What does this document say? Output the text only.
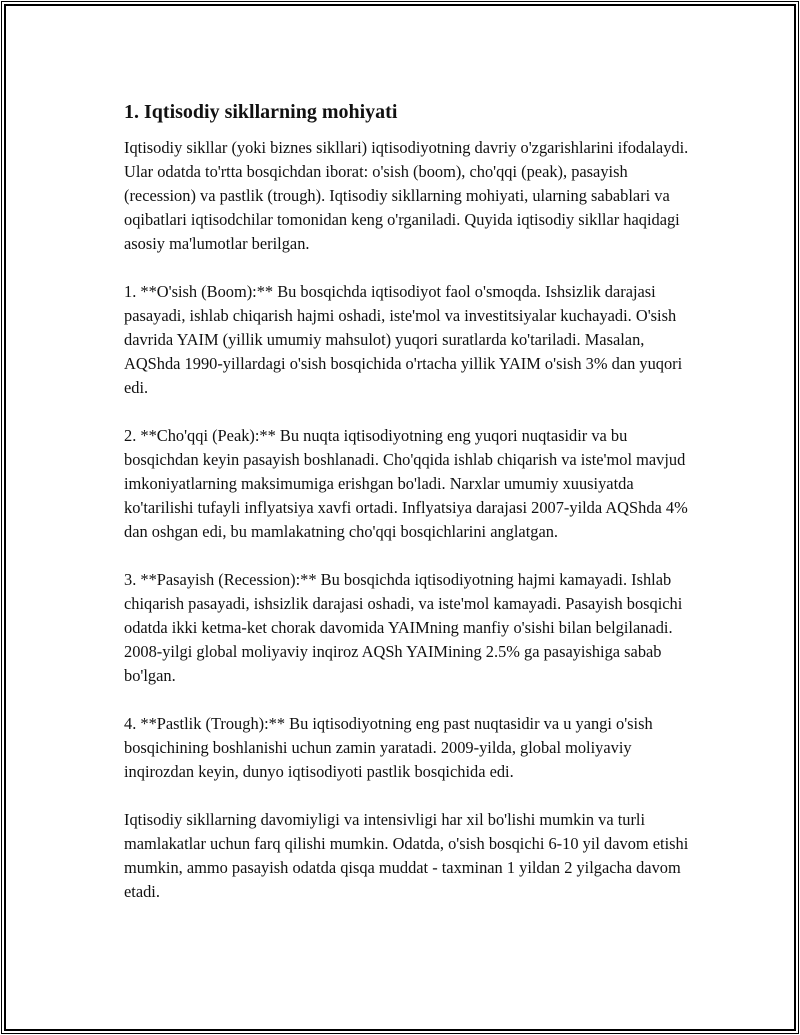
1. Iqtisodiy sikllarning mohiyati

Iqtisodiy sikllar (yoki biznes sikllari) iqtisodiyotning davriy o'zgarishlarini ifodalaydi. Ular odatda to'rtta bosqichdan iborat: o'sish (boom), cho'qqi (peak), pasayish (recession) va pastlik (trough). Iqtisodiy sikllarning mohiyati, ularning sabablari va oqibatlari iqtisodchilar tomonidan keng o'rganiladi. Quyida iqtisodiy sikllar haqidagi asosiy ma'lumotlar berilgan.

1. **O'sish (Boom):** Bu bosqichda iqtisodiyot faol o'smoqda. Ishsizlik darajasi pasayadi, ishlab chiqarish hajmi oshadi, iste'mol va investitsiyalar kuchayadi. O'sish davrida YAIM (yillik umumiy mahsulot) yuqori suratlarda ko'tariladi. Masalan, AQShda 1990-yillardagi o'sish bosqichida o'rtacha yillik YAIM o'sish 3% dan yuqori edi.

2. **Cho'qqi (Peak):** Bu nuqta iqtisodiyotning eng yuqori nuqtasidir va bu bosqichdan keyin pasayish boshlanadi. Cho'qqida ishlab chiqarish va iste'mol mavjud imkoniyatlarning maksimumiga erishgan bo'ladi. Narxlar umumiy xuusiyatda ko'tarilishi tufayli inflyatsiya xavfi ortadi. Inflyatsiya darajasi 2007-yilda AQShda 4% dan oshgan edi, bu mamlakatning cho'qqi bosqichlarini anglatgan.

3. **Pasayish (Recession):** Bu bosqichda iqtisodiyotning hajmi kamayadi. Ishlab chiqarish pasayadi, ishsizlik darajasi oshadi, va iste'mol kamayadi. Pasayish bosqichi odatda ikki ketma-ket chorak davomida YAIMning manfiy o'sishi bilan belgilanadi. 2008-yilgi global moliyaviy inqiroz AQSh YAIMining 2.5% ga pasayishiga sabab bo'lgan.

4. **Pastlik (Trough):** Bu iqtisodiyotning eng past nuqtasidir va u yangi o'sish bosqichining boshlanishi uchun zamin yaratadi. 2009-yilda, global moliyaviy inqirozdan keyin, dunyo iqtisodiyoti pastlik bosqichida edi.

Iqtisodiy sikllarning davomiyligi va intensivligi har xil bo'lishi mumkin va turli mamlakatlar uchun farq qilishi mumkin. Odatda, o'sish bosqichi 6-10 yil davom etishi mumkin, ammo pasayish odatda qisqa muddat - taxminan 1 yildan 2 yilgacha davom etadi.
